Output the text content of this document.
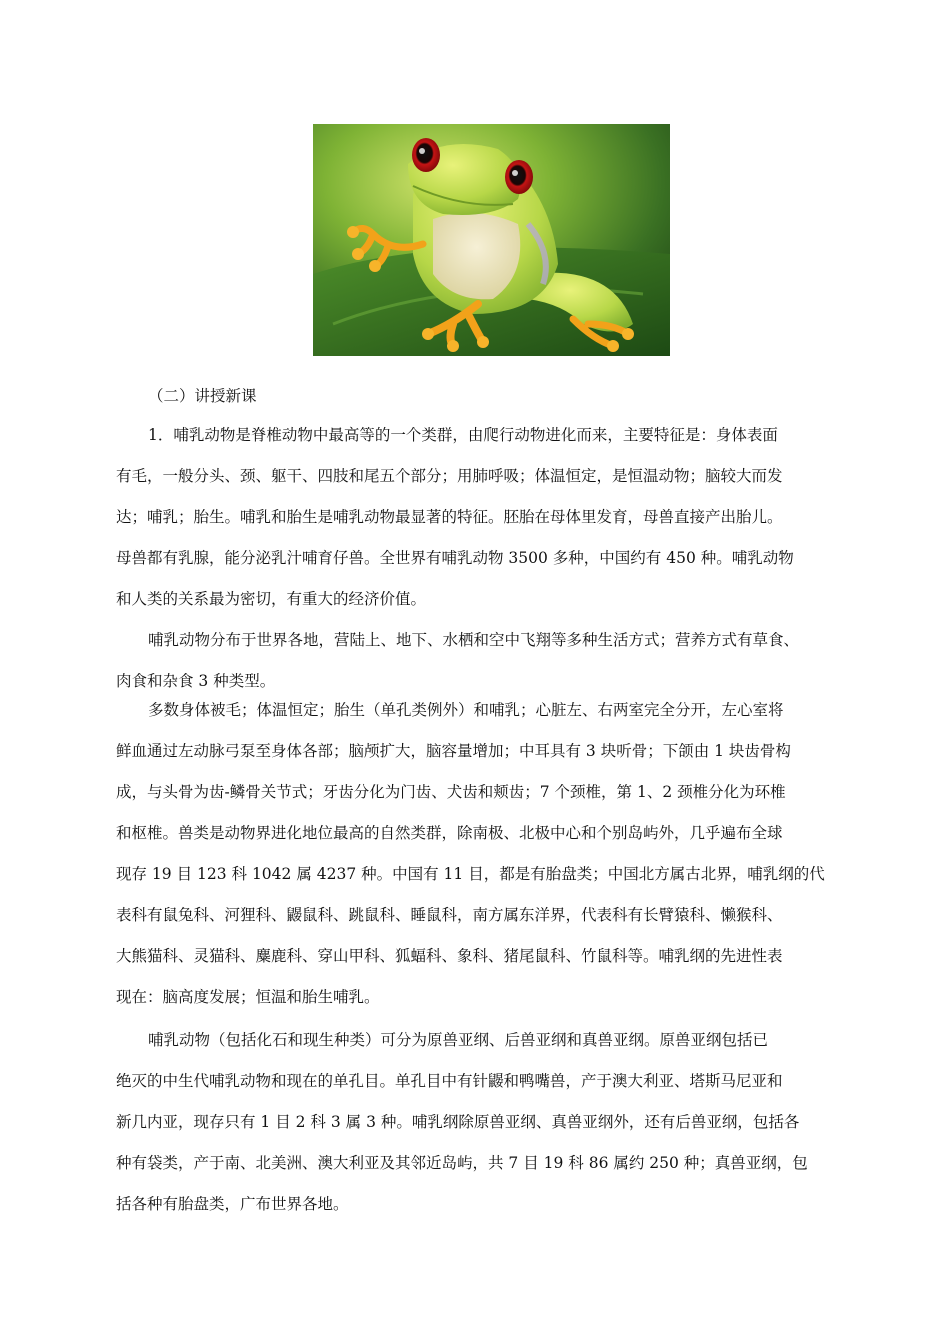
（二）讲授新课
1．哺乳动物是脊椎动物中最高等的一个类群，由爬行动物进化而来，主要特征是：身体表面
有毛，一般分头、颈、躯干、四肢和尾五个部分；用肺呼吸；体温恒定，是恒温动物；脑较大而发
达；哺乳；胎生。哺乳和胎生是哺乳动物最显著的特征。胚胎在母体里发育，母兽直接产出胎儿。
母兽都有乳腺，能分泌乳汁哺育仔兽。全世界有哺乳动物 3500 多种，中国约有 450 种。哺乳动物
和人类的关系最为密切，有重大的经济价值。
哺乳动物分布于世界各地，营陆上、地下、水栖和空中飞翔等多种生活方式；营养方式有草食、
肉食和杂食 3 种类型。
多数身体被毛；体温恒定；胎生（单孔类例外）和哺乳；心脏左、右两室完全分开，左心室将
鲜血通过左动脉弓泵至身体各部；脑颅扩大，脑容量增加；中耳具有 3 块听骨；下颌由 1 块齿骨构
成，与头骨为齿-鳞骨关节式；牙齿分化为门齿、犬齿和颊齿；7 个颈椎，第 1、2 颈椎分化为环椎
和枢椎。兽类是动物界进化地位最高的自然类群，除南极、北极中心和个别岛屿外，几乎遍布全球
现存 19 目 123 科 1042 属 4237 种。中国有 11 目，都是有胎盘类；中国北方属古北界，哺乳纲的代
表科有鼠兔科、河狸科、鼹鼠科、跳鼠科、睡鼠科，南方属东洋界，代表科有长臂猿科、懒猴科、
大熊猫科、灵猫科、麋鹿科、穿山甲科、狐蝠科、象科、猪尾鼠科、竹鼠科等。哺乳纲的先进性表
现在：脑高度发展；恒温和胎生哺乳。
哺乳动物（包括化石和现生种类）可分为原兽亚纲、后兽亚纲和真兽亚纲。原兽亚纲包括已
绝灭的中生代哺乳动物和现在的单孔目。单孔目中有针鼹和鸭嘴兽，产于澳大利亚、塔斯马尼亚和
新几内亚，现存只有 1 目 2 科 3 属 3 种。哺乳纲除原兽亚纲、真兽亚纲外，还有后兽亚纲，包括各
种有袋类，产于南、北美洲、澳大利亚及其邻近岛屿，共 7 目 19 科 86 属约 250 种；真兽亚纲，包
括各种有胎盘类，广布世界各地。
